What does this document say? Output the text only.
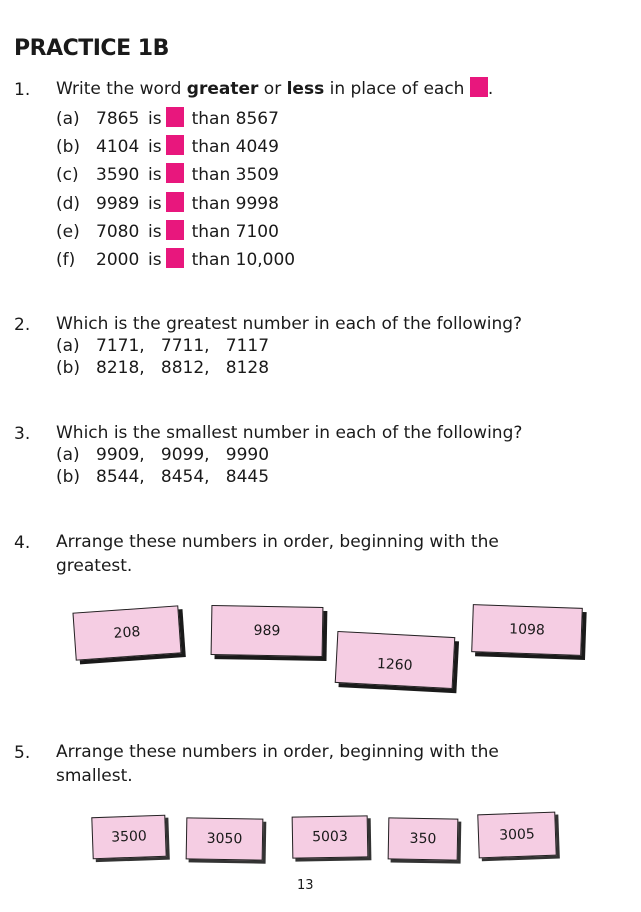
PRACTICE 1B
1. Write the word greater or less in place of each .
(a) 7865 is than 8567
(b) 4104 is than 4049
(c) 3590 is than 3509
(d) 9989 is than 9998
(e) 7080 is than 7100
(f) 2000 is than 10,000
2. Which is the greatest number in each of the following?
(a) 7171,   7711,   7117
(b) 8218,   8812,   8128
3. Which is the smallest number in each of the following?
(a) 9909,   9099,   9990
(b) 8544,   8454,   8445
4. Arrange these numbers in order, beginning with the
greatest.
208	989
1260
1098
5. Arrange these numbers in order, beginning with the
smallest.
3500	3050	5003	350	3005
13
